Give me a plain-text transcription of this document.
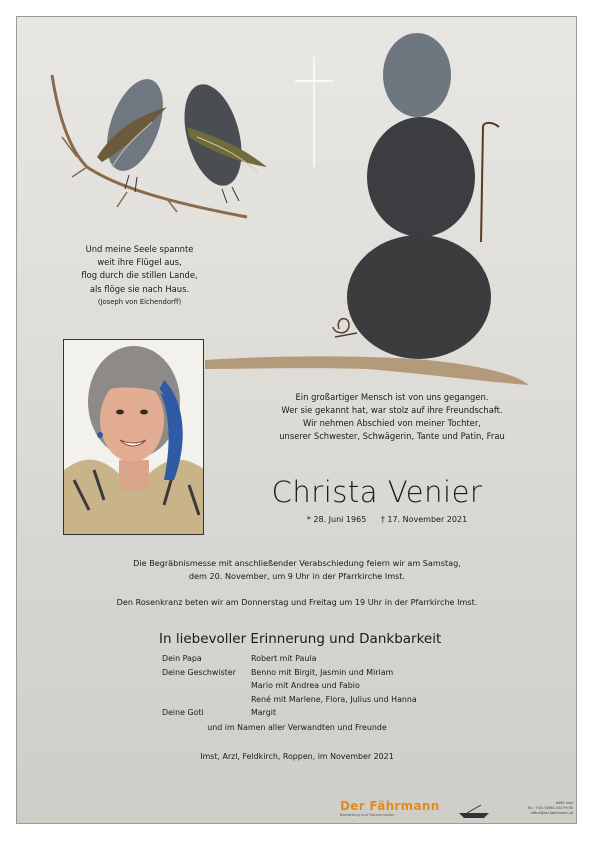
Und meine Seele spannte
weit ihre Flügel aus,
flog durch die stillen Lande,
als flöge sie nach Haus.
(Joseph von Eichendorff)
Ein großartiger Mensch ist von uns gegangen.
Wer sie gekannt hat, war stolz auf ihre Freundschaft.
Wir nehmen Abschied von meiner Tochter,
unserer Schwester, Schwägerin, Tante und Patin, Frau
Christa Venier
* 28. Juni 1965 † 17. November 2021
Die Begräbnismesse mit anschließender Verabschiedung feiern wir am Samstag,
dem 20. November, um 9 Uhr in der Pfarrkirche Imst.
Den Rosenkranz beten wir am Donnerstag und Freitag um 19 Uhr in der Pfarrkirche Imst.
In liebevoller Erinnerung und Dankbarkeit
Dein Papa	Robert mit Paula
Deine Geschwister	Benno mit Birgit, Jasmin und Miriam
Mario mit Andrea und Fabio
René mit Marlene, Flora, Julius und Hanna
Deine Goti	Margit
und im Namen aller Verwandten und Freunde
Imst, Arzl, Feldkirch, Roppen, im November 2021
Der Fährmann
Bestattung und Trauermusiker
6460 Imst
Tel.: +43 (0)664 103 99 60
office@der-faehrmann.at
